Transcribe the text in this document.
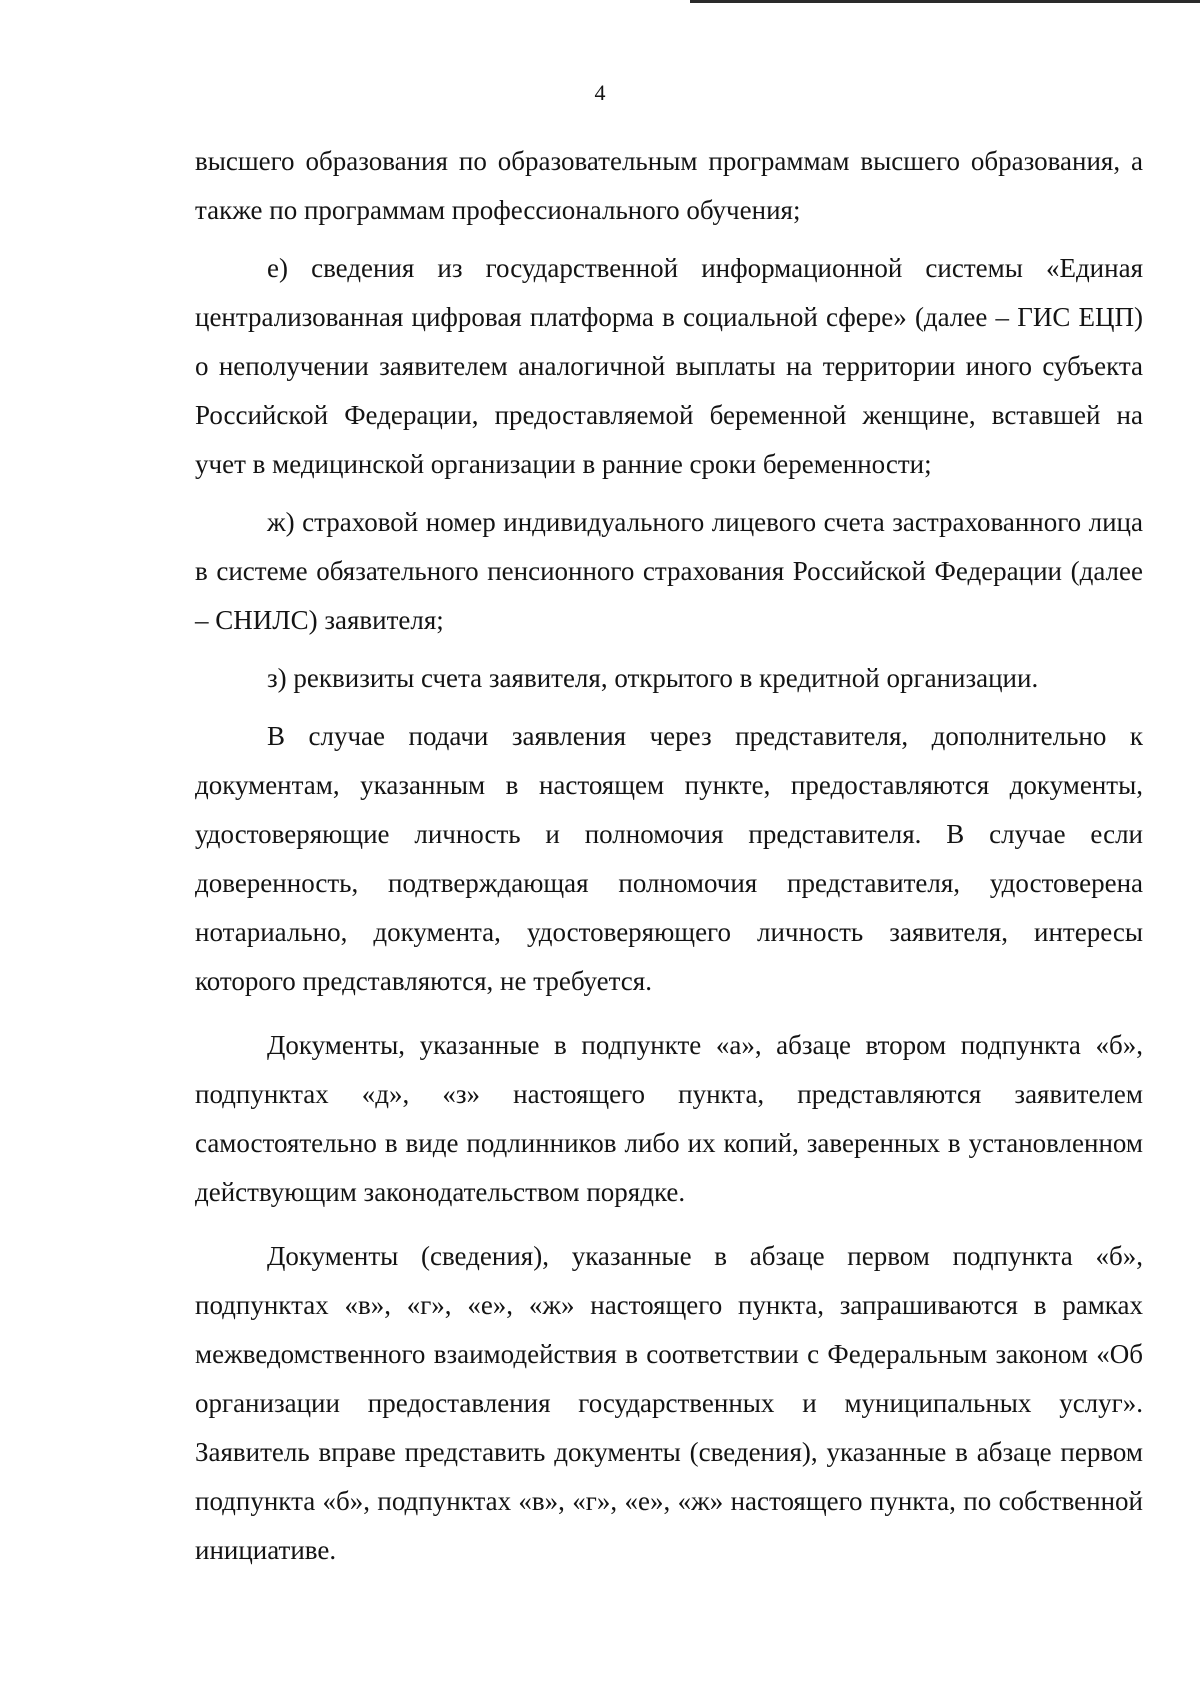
4

высшего образования по образовательным программам высшего образования, а также по программам профессионального обучения;

е) сведения из государственной информационной системы «Единая централизованная цифровая платформа в социальной сфере» (далее – ГИС ЕЦП) о неполучении заявителем аналогичной выплаты на территории иного субъекта Российской Федерации, предоставляемой беременной женщине, вставшей на учет в медицинской организации в ранние сроки беременности;

ж) страховой номер индивидуального лицевого счета застрахованного лица в системе обязательного пенсионного страхования Российской Федерации (далее – СНИЛС) заявителя;

з) реквизиты счета заявителя, открытого в кредитной организации.

В случае подачи заявления через представителя, дополнительно к документам, указанным в настоящем пункте, предоставляются документы, удостоверяющие личность и полномочия представителя. В случае если доверенность, подтверждающая полномочия представителя, удостоверена нотариально, документа, удостоверяющего личность заявителя, интересы которого представляются, не требуется.

Документы, указанные в подпункте «а», абзаце втором подпункта «б», подпунктах «д», «з» настоящего пункта, представляются заявителем самостоятельно в виде подлинников либо их копий, заверенных в установленном действующим законодательством порядке.

Документы (сведения), указанные в абзаце первом подпункта «б», подпунктах «в», «г», «е», «ж» настоящего пункта, запрашиваются в рамках межведомственного взаимодействия в соответствии с Федеральным законом «Об организации предоставления государственных и муниципальных услуг». Заявитель вправе представить документы (сведения), указанные в абзаце первом подпункта «б», подпунктах «в», «г», «е», «ж» настоящего пункта, по собственной инициативе.
